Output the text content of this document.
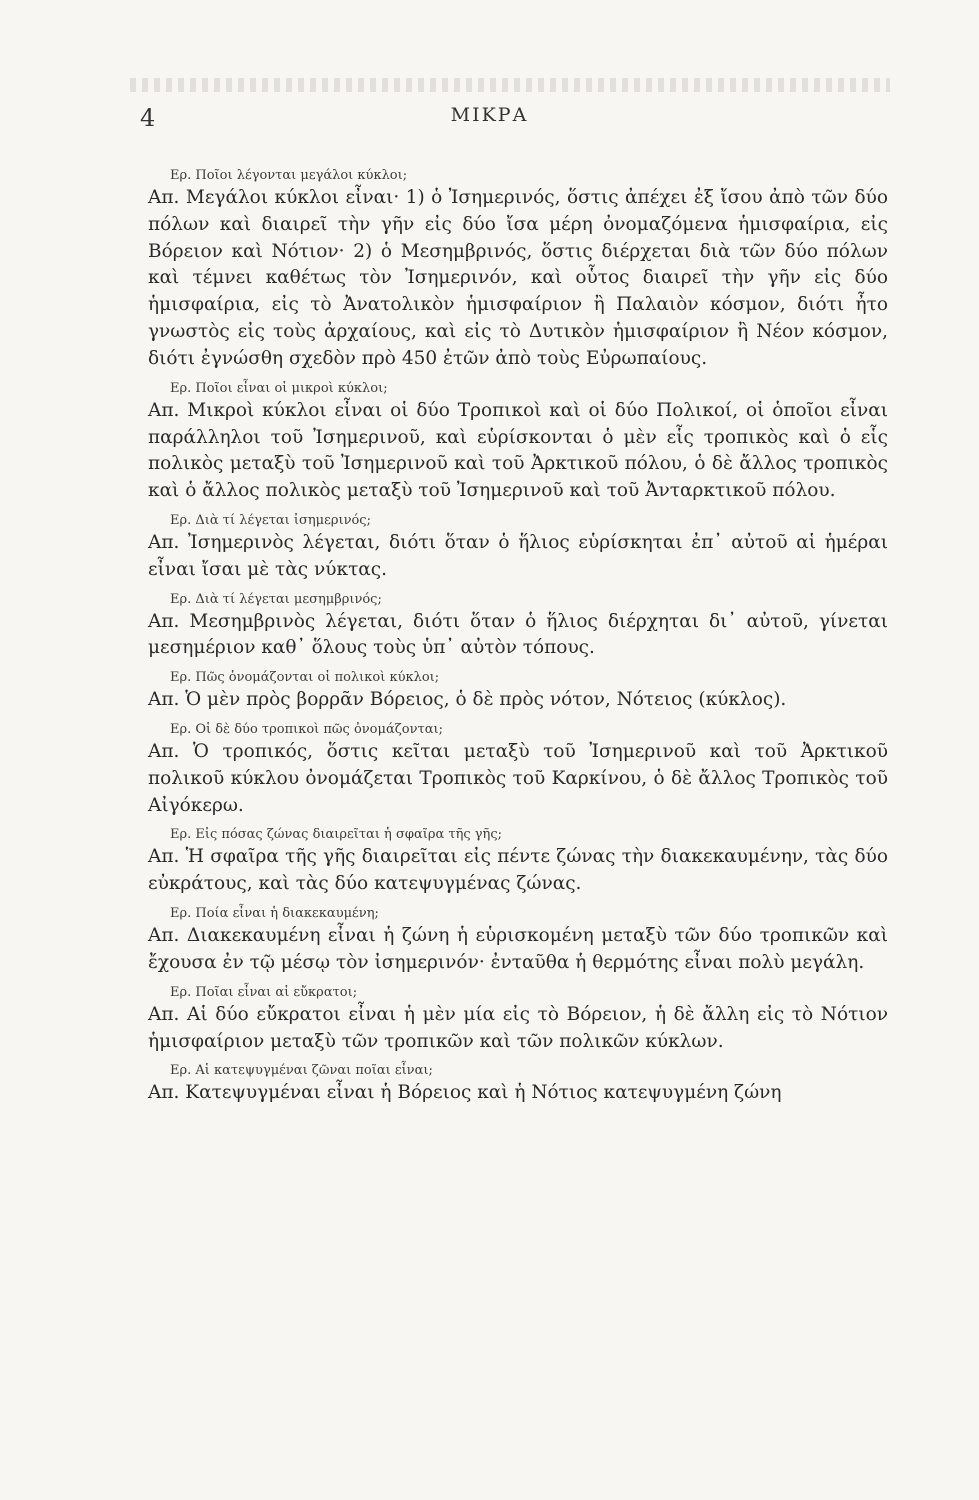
4	ΜΙΚΡΑ
Ερ. Ποῖοι λέγονται μεγάλοι κύκλοι;
Απ. Μεγάλοι κύκλοι εἶναι· 1) ὁ Ἰσημερινός, ὅστις ἀπέχει ἐξ ἴσου ἀπὸ τῶν δύο πόλων καὶ διαιρεῖ τὴν γῆν εἰς δύο ἴσα μέρη ὀνομαζόμενα ἡμισφαίρια, εἰς Βόρειον καὶ Νότιον· 2) ὁ Μεσημβρινός, ὅστις διέρχεται διὰ τῶν δύο πόλων καὶ τέμνει καθέτως τὸν Ἰσημερινόν, καὶ οὗτος διαιρεῖ τὴν γῆν εἰς δύο ἡμισφαίρια, εἰς τὸ Ἀνατολικὸν ἡμισφαίριον ἢ Παλαιὸν κόσμον, διότι ἦτο γνωστὸς εἰς τοὺς ἀρχαίους, καὶ εἰς τὸ Δυτικὸν ἡμισφαίριον ἢ Νέον κόσμον, διότι ἐγνώσθη σχεδὸν πρὸ 450 ἐτῶν ἀπὸ τοὺς Εὐρωπαίους.
Ερ. Ποῖοι εἶναι οἱ μικροὶ κύκλοι;
Απ. Μικροὶ κύκλοι εἶναι οἱ δύο Τροπικοὶ καὶ οἱ δύο Πολικοί, οἱ ὁποῖοι εἶναι παράλληλοι τοῦ Ἰσημερινοῦ, καὶ εὑρίσκονται ὁ μὲν εἷς τροπικὸς καὶ ὁ εἷς πολικὸς μεταξὺ τοῦ Ἰσημερινοῦ καὶ τοῦ Ἀρκτικοῦ πόλου, ὁ δὲ ἄλλος τροπικὸς καὶ ὁ ἄλλος πολικὸς μεταξὺ τοῦ Ἰσημερινοῦ καὶ τοῦ Ἀνταρκτικοῦ πόλου.
Ερ. Διὰ τί λέγεται ἰσημερινός;
Απ. Ἰσημερινὸς λέγεται, διότι ὅταν ὁ ἥλιος εὑρίσκηται ἐπ᾽ αὐτοῦ αἱ ἡμέραι εἶναι ἴσαι μὲ τὰς νύκτας.
Ερ. Διὰ τί λέγεται μεσημβρινός;
Απ. Μεσημβρινὸς λέγεται, διότι ὅταν ὁ ἥλιος διέρχηται δι᾽ αὐτοῦ, γίνεται μεσημέριον καθ᾽ ὅλους τοὺς ὑπ᾽ αὐτὸν τόπους.
Ερ. Πῶς ὀνομάζονται οἱ πολικοὶ κύκλοι;
Απ. Ὁ μὲν πρὸς βορρᾶν Βόρειος, ὁ δὲ πρὸς νότον, Νότειος (κύκλος).
Ερ. Οἱ δὲ δύο τροπικοὶ πῶς ὀνομάζονται;
Απ. Ὁ τροπικός, ὅστις κεῖται μεταξὺ τοῦ Ἰσημερινοῦ καὶ τοῦ Ἀρκτικοῦ πολικοῦ κύκλου ὀνομάζεται Τροπικὸς τοῦ Καρκίνου, ὁ δὲ ἄλλος Τροπικὸς τοῦ Αἰγόκερω.
Ερ. Εἰς πόσας ζώνας διαιρεῖται ἡ σφαῖρα τῆς γῆς;
Απ. Ἡ σφαῖρα τῆς γῆς διαιρεῖται εἰς πέντε ζώνας τὴν διακεκαυμένην, τὰς δύο εὐκράτους, καὶ τὰς δύο κατεψυγμένας ζώνας.
Ερ. Ποία εἶναι ἡ διακεκαυμένη;
Απ. Διακεκαυμένη εἶναι ἡ ζώνη ἡ εὑρισκομένη μεταξὺ τῶν δύο τροπικῶν καὶ ἔχουσα ἐν τῷ μέσῳ τὸν ἰσημερινόν· ἐνταῦθα ἡ θερμότης εἶναι πολὺ μεγάλη.
Ερ. Ποῖαι εἶναι αἱ εὔκρατοι;
Απ. Αἱ δύο εὔκρατοι εἶναι ἡ μὲν μία εἰς τὸ Βόρειον, ἡ δὲ ἄλλη εἰς τὸ Νότιον ἡμισφαίριον μεταξὺ τῶν τροπικῶν καὶ τῶν πολικῶν κύκλων.
Ερ. Αἱ κατεψυγμέναι ζῶναι ποῖαι εἶναι;
Απ. Κατεψυγμέναι εἶναι ἡ Βόρειος καὶ ἡ Νότιος κατεψυγμένη ζώνη
